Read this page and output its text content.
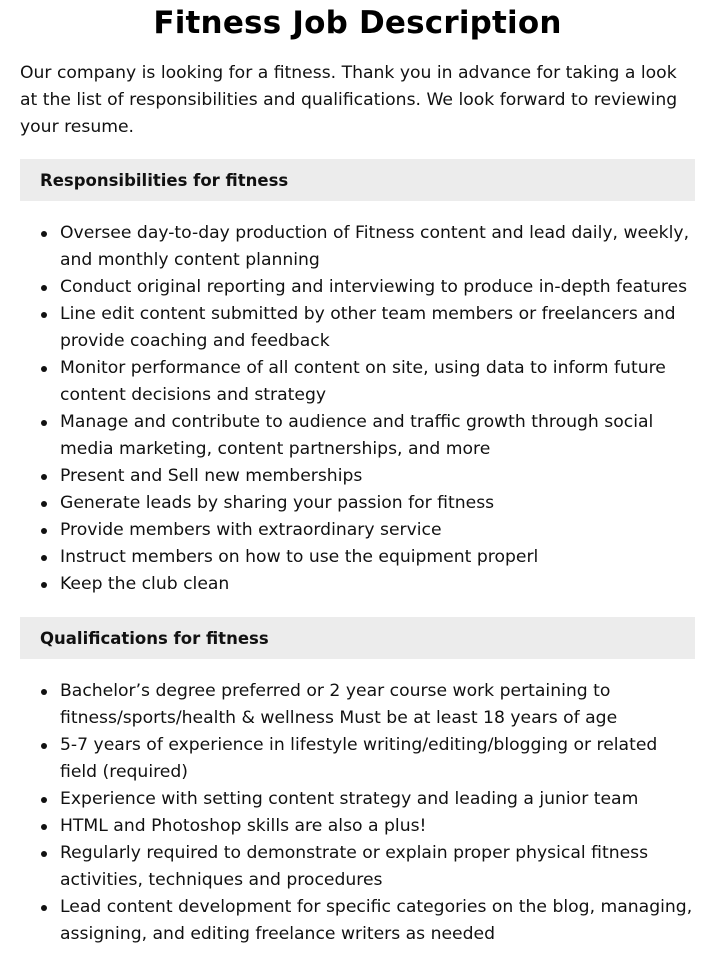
Fitness Job Description

Our company is looking for a fitness. Thank you in advance for taking a look at the list of responsibilities and qualifications. We look forward to reviewing your resume.

Responsibilities for fitness
Oversee day-to-day production of Fitness content and lead daily, weekly, and monthly content planning
Conduct original reporting and interviewing to produce in-depth features
Line edit content submitted by other team members or freelancers and provide coaching and feedback
Monitor performance of all content on site, using data to inform future content decisions and strategy
Manage and contribute to audience and traffic growth through social media marketing, content partnerships, and more
Present and Sell new memberships
Generate leads by sharing your passion for fitness
Provide members with extraordinary service
Instruct members on how to use the equipment properl
Keep the club clean
Qualifications for fitness
Bachelor’s degree preferred or 2 year course work pertaining to fitness/sports/health & wellness Must be at least 18 years of age
5-7 years of experience in lifestyle writing/editing/blogging or related field (required)
Experience with setting content strategy and leading a junior team
HTML and Photoshop skills are also a plus!
Regularly required to demonstrate or explain proper physical fitness activities, techniques and procedures
Lead content development for specific categories on the blog, managing, assigning, and editing freelance writers as needed
